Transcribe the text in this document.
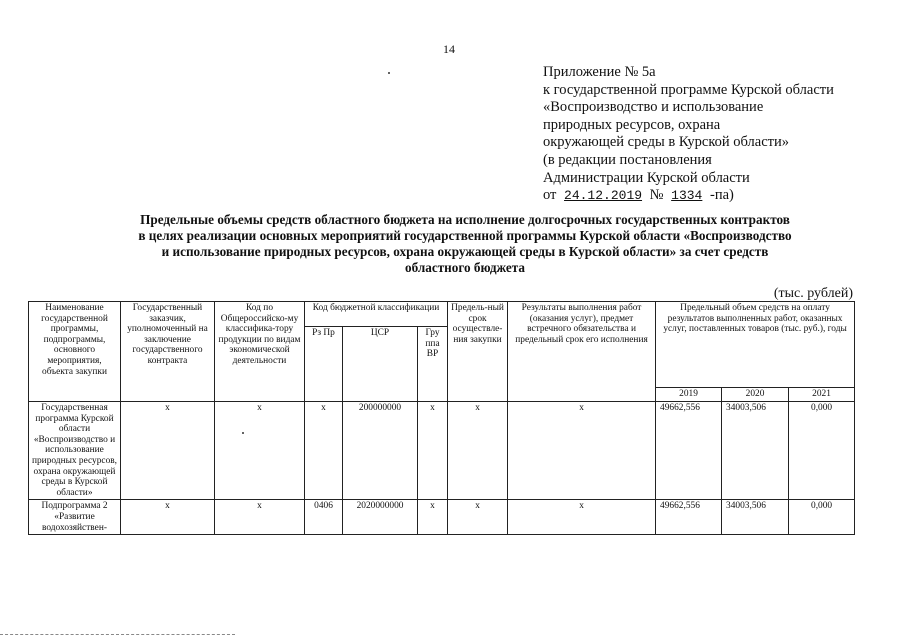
14
Приложение № 5а
к государственной программе Курской области
«Воспроизводство и использование
природных ресурсов, охрана
окружающей среды в Курской области»
(в редакции постановления
Администрации Курской области
от 24.12.2019 № 1334 -па)
Предельные объемы средств областного бюджета на исполнение долгосрочных государственных контрактов
в целях реализации основных мероприятий государственной программы Курской области «Воспроизводство
и использование природных ресурсов, охрана окружающей среды в Курской области» за счет средств
областного бюджета
(тыс. рублей)
Наименование государственной программы, подпрограммы, основного мероприятия, объекта закупки	Государственный заказчик, уполномоченный на заключение государственного контракта	Код по Общероссийско-му классифика-тору продукции по видам экономической деятельности	Код бюджетной классификации			Предель-ный срок осуществле-ния закупки	Результаты выполнения работ (оказания услуг), предмет встречного обязательства и предельный срок его исполнения	Предельный объем средств на оплату результатов выполненных работ, оказанных услуг, поставленных товаров (тыс. руб.), годы		
			Рз Пр	ЦСР	Гру ппа ВР					
								2019	2020	2021
Государственная программа Курской области «Воспроизводство и использование природных ресурсов, охрана окружающей среды в Курской области»	х	х	х	200000000	х	х	х	49662,556	34003,506	0,000
Подпрограмма 2 «Развитие водохозяйствен-	х	х	0406	2020000000	х	х	х	49662,556	34003,506	0,000
